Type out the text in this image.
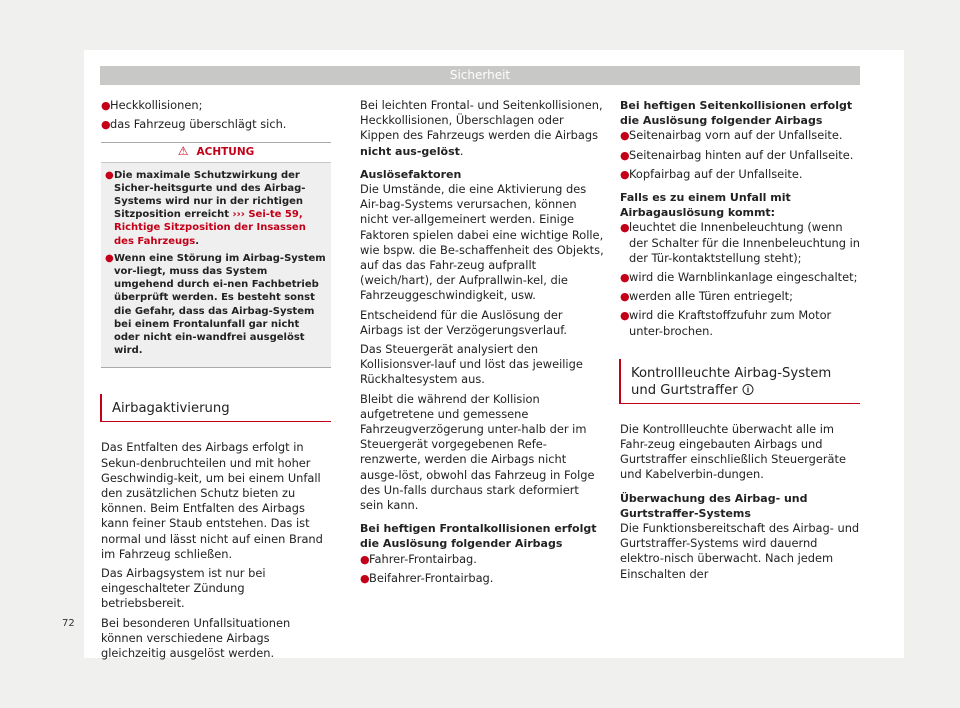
Sicherheit
● Heckkollisionen;
● das Fahrzeug überschlägt sich.
⚠ ACHTUNG
● Die maximale Schutzwirkung der Sicher-heitsgurte und des Airbag-Systems wird nur in der richtigen Sitzposition erreicht ››› Sei-te 59, Richtige Sitzposition der Insassen des Fahrzeugs.
● Wenn eine Störung im Airbag-System vor-liegt, muss das System umgehend durch ei-nen Fachbetrieb überprüft werden. Es besteht sonst die Gefahr, dass das Airbag-System bei einem Frontalunfall gar nicht oder nicht ein-wandfrei ausgelöst wird.
Airbagaktivierung

Das Entfalten des Airbags erfolgt in Sekun-denbruchteilen und mit hoher Geschwindig-keit, um bei einem Unfall den zusätzlichen Schutz bieten zu können. Beim Entfalten des Airbags kann feiner Staub entstehen. Das ist normal und lässt nicht auf einen Brand im Fahrzeug schließen.

Das Airbagsystem ist nur bei eingeschalteter Zündung betriebsbereit.

Bei besonderen Unfallsituationen können verschiedene Airbags gleichzeitig ausgelöst werden.

Bei leichten Frontal- und Seitenkollisionen, Heckkollisionen, Überschlagen oder Kippen des Fahrzeugs werden die Airbags nicht aus-gelöst.

Auslösefaktoren

Die Umstände, die eine Aktivierung des Air-bag-Systems verursachen, können nicht ver-allgemeinert werden. Einige Faktoren spielen dabei eine wichtige Rolle, wie bspw. die Be-schaffenheit des Objekts, auf das das Fahr-zeug aufprallt (weich/hart), der Aufprallwin-kel, die Fahrzeuggeschwindigkeit, usw.

Entscheidend für die Auslösung der Airbags ist der Verzögerungsverlauf.

Das Steuergerät analysiert den Kollisionsver-lauf und löst das jeweilige Rückhaltesystem aus.

Bleibt die während der Kollision aufgetretene und gemessene Fahrzeugverzögerung unter-halb der im Steuergerät vorgegebenen Refe-renzwerte, werden die Airbags nicht ausge-löst, obwohl das Fahrzeug in Folge des Un-falls durchaus stark deformiert sein kann.

Bei heftigen Frontalkollisionen erfolgt die Auslösung folgender Airbags
● Fahrer-Frontairbag.
● Beifahrer-Frontairbag.
Bei heftigen Seitenkollisionen erfolgt die Auslösung folgender Airbags
● Seitenairbag vorn auf der Unfallseite.
● Seitenairbag hinten auf der Unfallseite.
● Kopfairbag auf der Unfallseite.
Falls es zu einem Unfall mit Airbagauslösung kommt:
● leuchtet die Innenbeleuchtung (wenn der Schalter für die Innenbeleuchtung in der Tür-kontaktstellung steht);
● wird die Warnblinkanlage eingeschaltet;
● werden alle Türen entriegelt;
● wird die Kraftstoffzufuhr zum Motor unter-brochen.
Kontrollleuchte Airbag-System und Gurtstraffer 🛈

Die Kontrollleuchte überwacht alle im Fahr-zeug eingebauten Airbags und Gurtstraffer einschließlich Steuergeräte und Kabelverbin-dungen.

Überwachung des Airbag- und Gurtstraffer-Systems

Die Funktionsbereitschaft des Airbag- und Gurtstraffer-Systems wird dauernd elektro-nisch überwacht. Nach jedem Einschalten der

72
